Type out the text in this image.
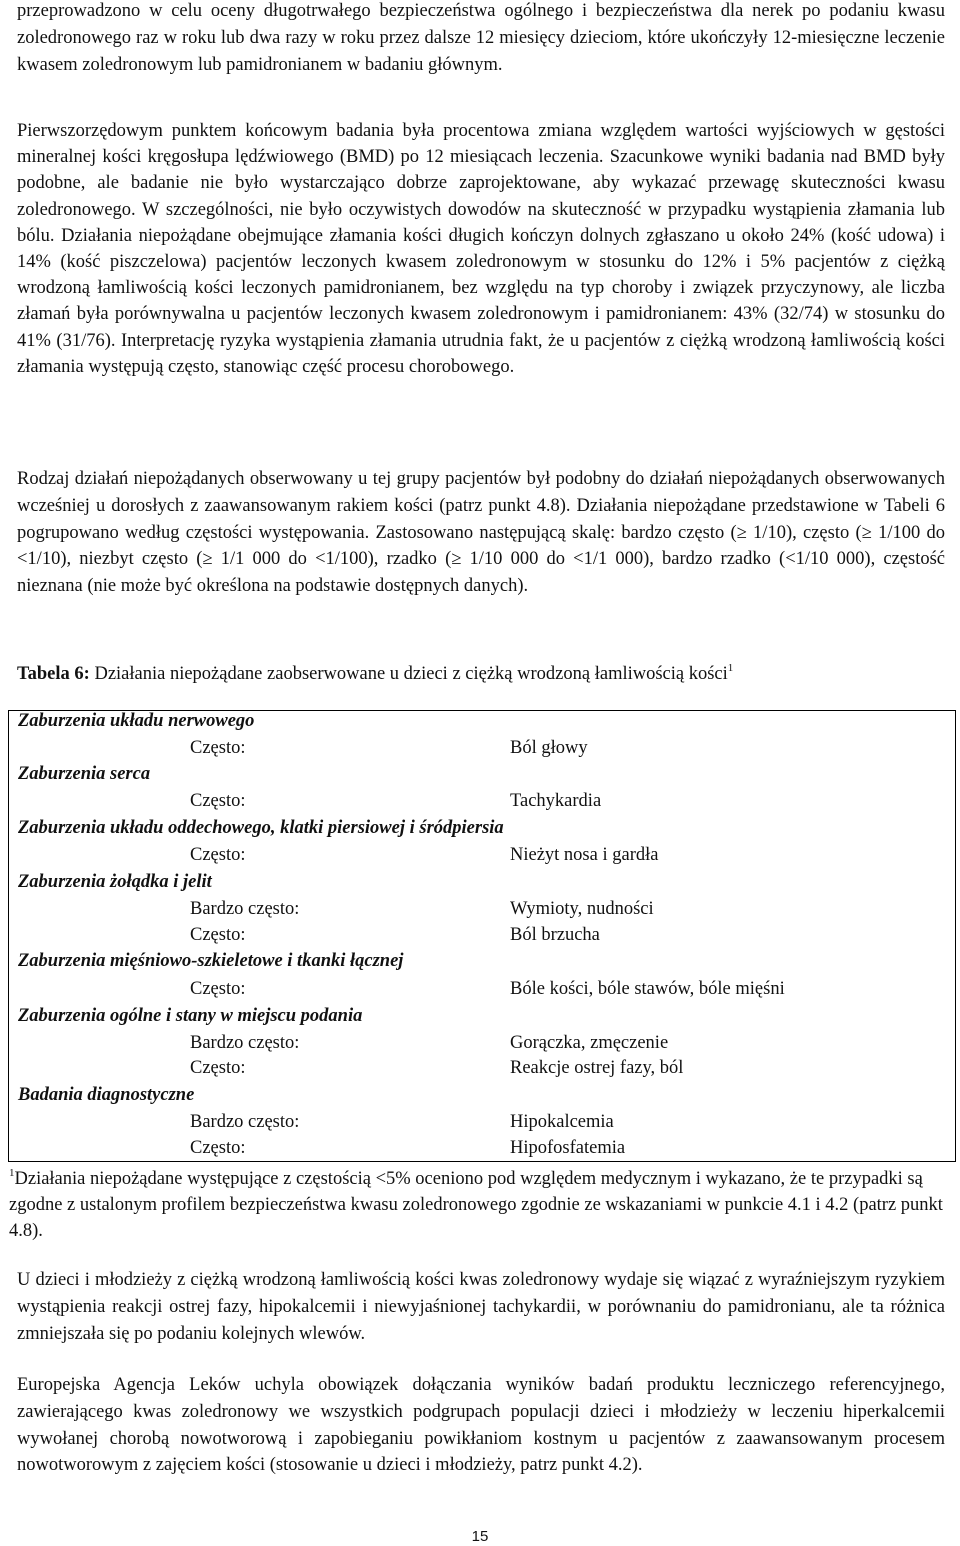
przeprowadzono w celu oceny długotrwałego bezpieczeństwa ogólnego i bezpieczeństwa dla nerek po podaniu kwasu zoledronowego raz w roku lub dwa razy w roku przez dalsze 12 miesięcy dzieciom, które ukończyły 12-miesięczne leczenie kwasem zoledronowym lub pamidronianem w badaniu głównym.

Pierwszorzędowym punktem końcowym badania była procentowa zmiana względem wartości wyjściowych w gęstości mineralnej kości kręgosłupa lędźwiowego (BMD) po 12 miesiącach leczenia. Szacunkowe wyniki badania nad BMD były podobne, ale badanie nie było wystarczająco dobrze zaprojektowane, aby wykazać przewagę skuteczności kwasu zoledronowego. W szczególności, nie było oczywistych dowodów na skuteczność w przypadku wystąpienia złamania lub bólu. Działania niepożądane obejmujące złamania kości długich kończyn dolnych zgłaszano u około 24% (kość udowa) i 14% (kość piszczelowa) pacjentów leczonych kwasem zoledronowym w stosunku do 12% i 5% pacjentów z ciężką wrodzoną łamliwością kości leczonych pamidronianem, bez względu na typ choroby i związek przyczynowy, ale liczba złamań była porównywalna u pacjentów leczonych kwasem zoledronowym i pamidronianem: 43% (32/74) w stosunku do 41% (31/76). Interpretację ryzyka wystąpienia złamania utrudnia fakt, że u pacjentów z ciężką wrodzoną łamliwością kości złamania występują często, stanowiąc część procesu chorobowego.

Rodzaj działań niepożądanych obserwowany u tej grupy pacjentów był podobny do działań niepożądanych obserwowanych wcześniej u dorosłych z zaawansowanym rakiem kości (patrz punkt 4.8). Działania niepożądane przedstawione w Tabeli 6 pogrupowano według częstości występowania. Zastosowano następującą skalę: bardzo często (≥ 1/10), często (≥ 1/100 do <1/10), niezbyt często (≥ 1/1 000 do <1/100), rzadko (≥ 1/10 000 do <1/1 000), bardzo rzadko (<1/10 000), częstość nieznana (nie może być określona na podstawie dostępnych danych).

Tabela 6: Działania niepożądane zaobserwowane u dzieci z ciężką wrodzoną łamliwością kości$^1$
Zaburzenia układu nerwowego
Często:	Ból głowy
Zaburzenia serca
Często:	Tachykardia
Zaburzenia układu oddechowego, klatki piersiowej i śródpiersia
Często:	Nieżyt nosa i gardła
Zaburzenia żołądka i jelit
Bardzo często:	Wymioty, nudności
Często:	Ból brzucha
Zaburzenia mięśniowo-szkieletowe i tkanki łącznej
Często:	Bóle kości, bóle stawów, bóle mięśni
Zaburzenia ogólne i stany w miejscu podania
Bardzo często:	Gorączka, zmęczenie
Często:	Reakcje ostrej fazy, ból
Badania diagnostyczne
Bardzo często:	Hipokalcemia
Często:	Hipofosfatemia

$^1$Działania niepożądane występujące z częstością <5% oceniono pod względem medycznym i wykazano, że te przypadki są zgodne z ustalonym profilem bezpieczeństwa kwasu zoledronowego zgodnie ze wskazaniami w punkcie 4.1 i 4.2 (patrz punkt 4.8).

U dzieci i młodzieży z ciężką wrodzoną łamliwością kości kwas zoledronowy wydaje się wiązać z wyraźniejszym ryzykiem wystąpienia reakcji ostrej fazy, hipokalcemii i niewyjaśnionej tachykardii, w porównaniu do pamidronianu, ale ta różnica zmniejszała się po podaniu kolejnych wlewów.

Europejska Agencja Leków uchyla obowiązek dołączania wyników badań produktu leczniczego referencyjnego, zawierającego kwas zoledronowy we wszystkich podgrupach populacji dzieci i młodzieży w leczeniu hiperkalcemii wywołanej chorobą nowotworową i zapobieganiu powikłaniom kostnym u pacjentów z zaawansowanym procesem nowotworowym z zajęciem kości (stosowanie u dzieci i młodzieży, patrz punkt 4.2).

15
